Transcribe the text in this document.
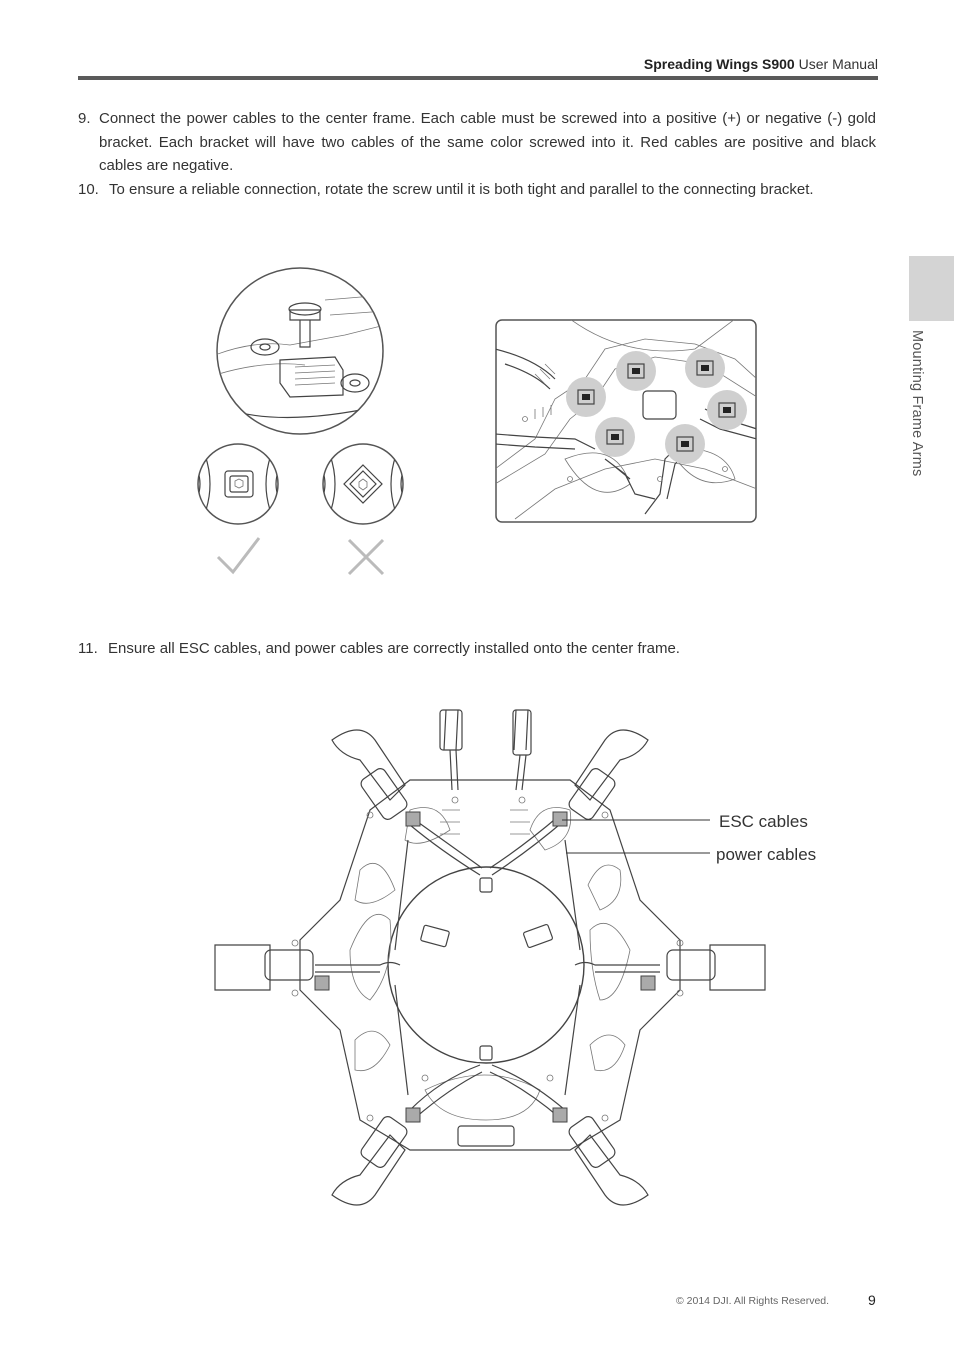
Spreading Wings S900 User Manual
Mounting Frame Arms
9. Connect the power cables to the center frame. Each cable must be screwed into a positive (+) or negative (-) gold bracket. Each bracket will have two cables of the same color screwed into it. Red cables are positive and black cables are negative.
10. To ensure a reliable connection, rotate the screw until it is both tight and parallel to the connecting bracket.
11. Ensure all ESC cables, and power cables are correctly installed onto the center frame.
ESC cables
power cables
© 2014 DJI. All Rights Reserved.	9
